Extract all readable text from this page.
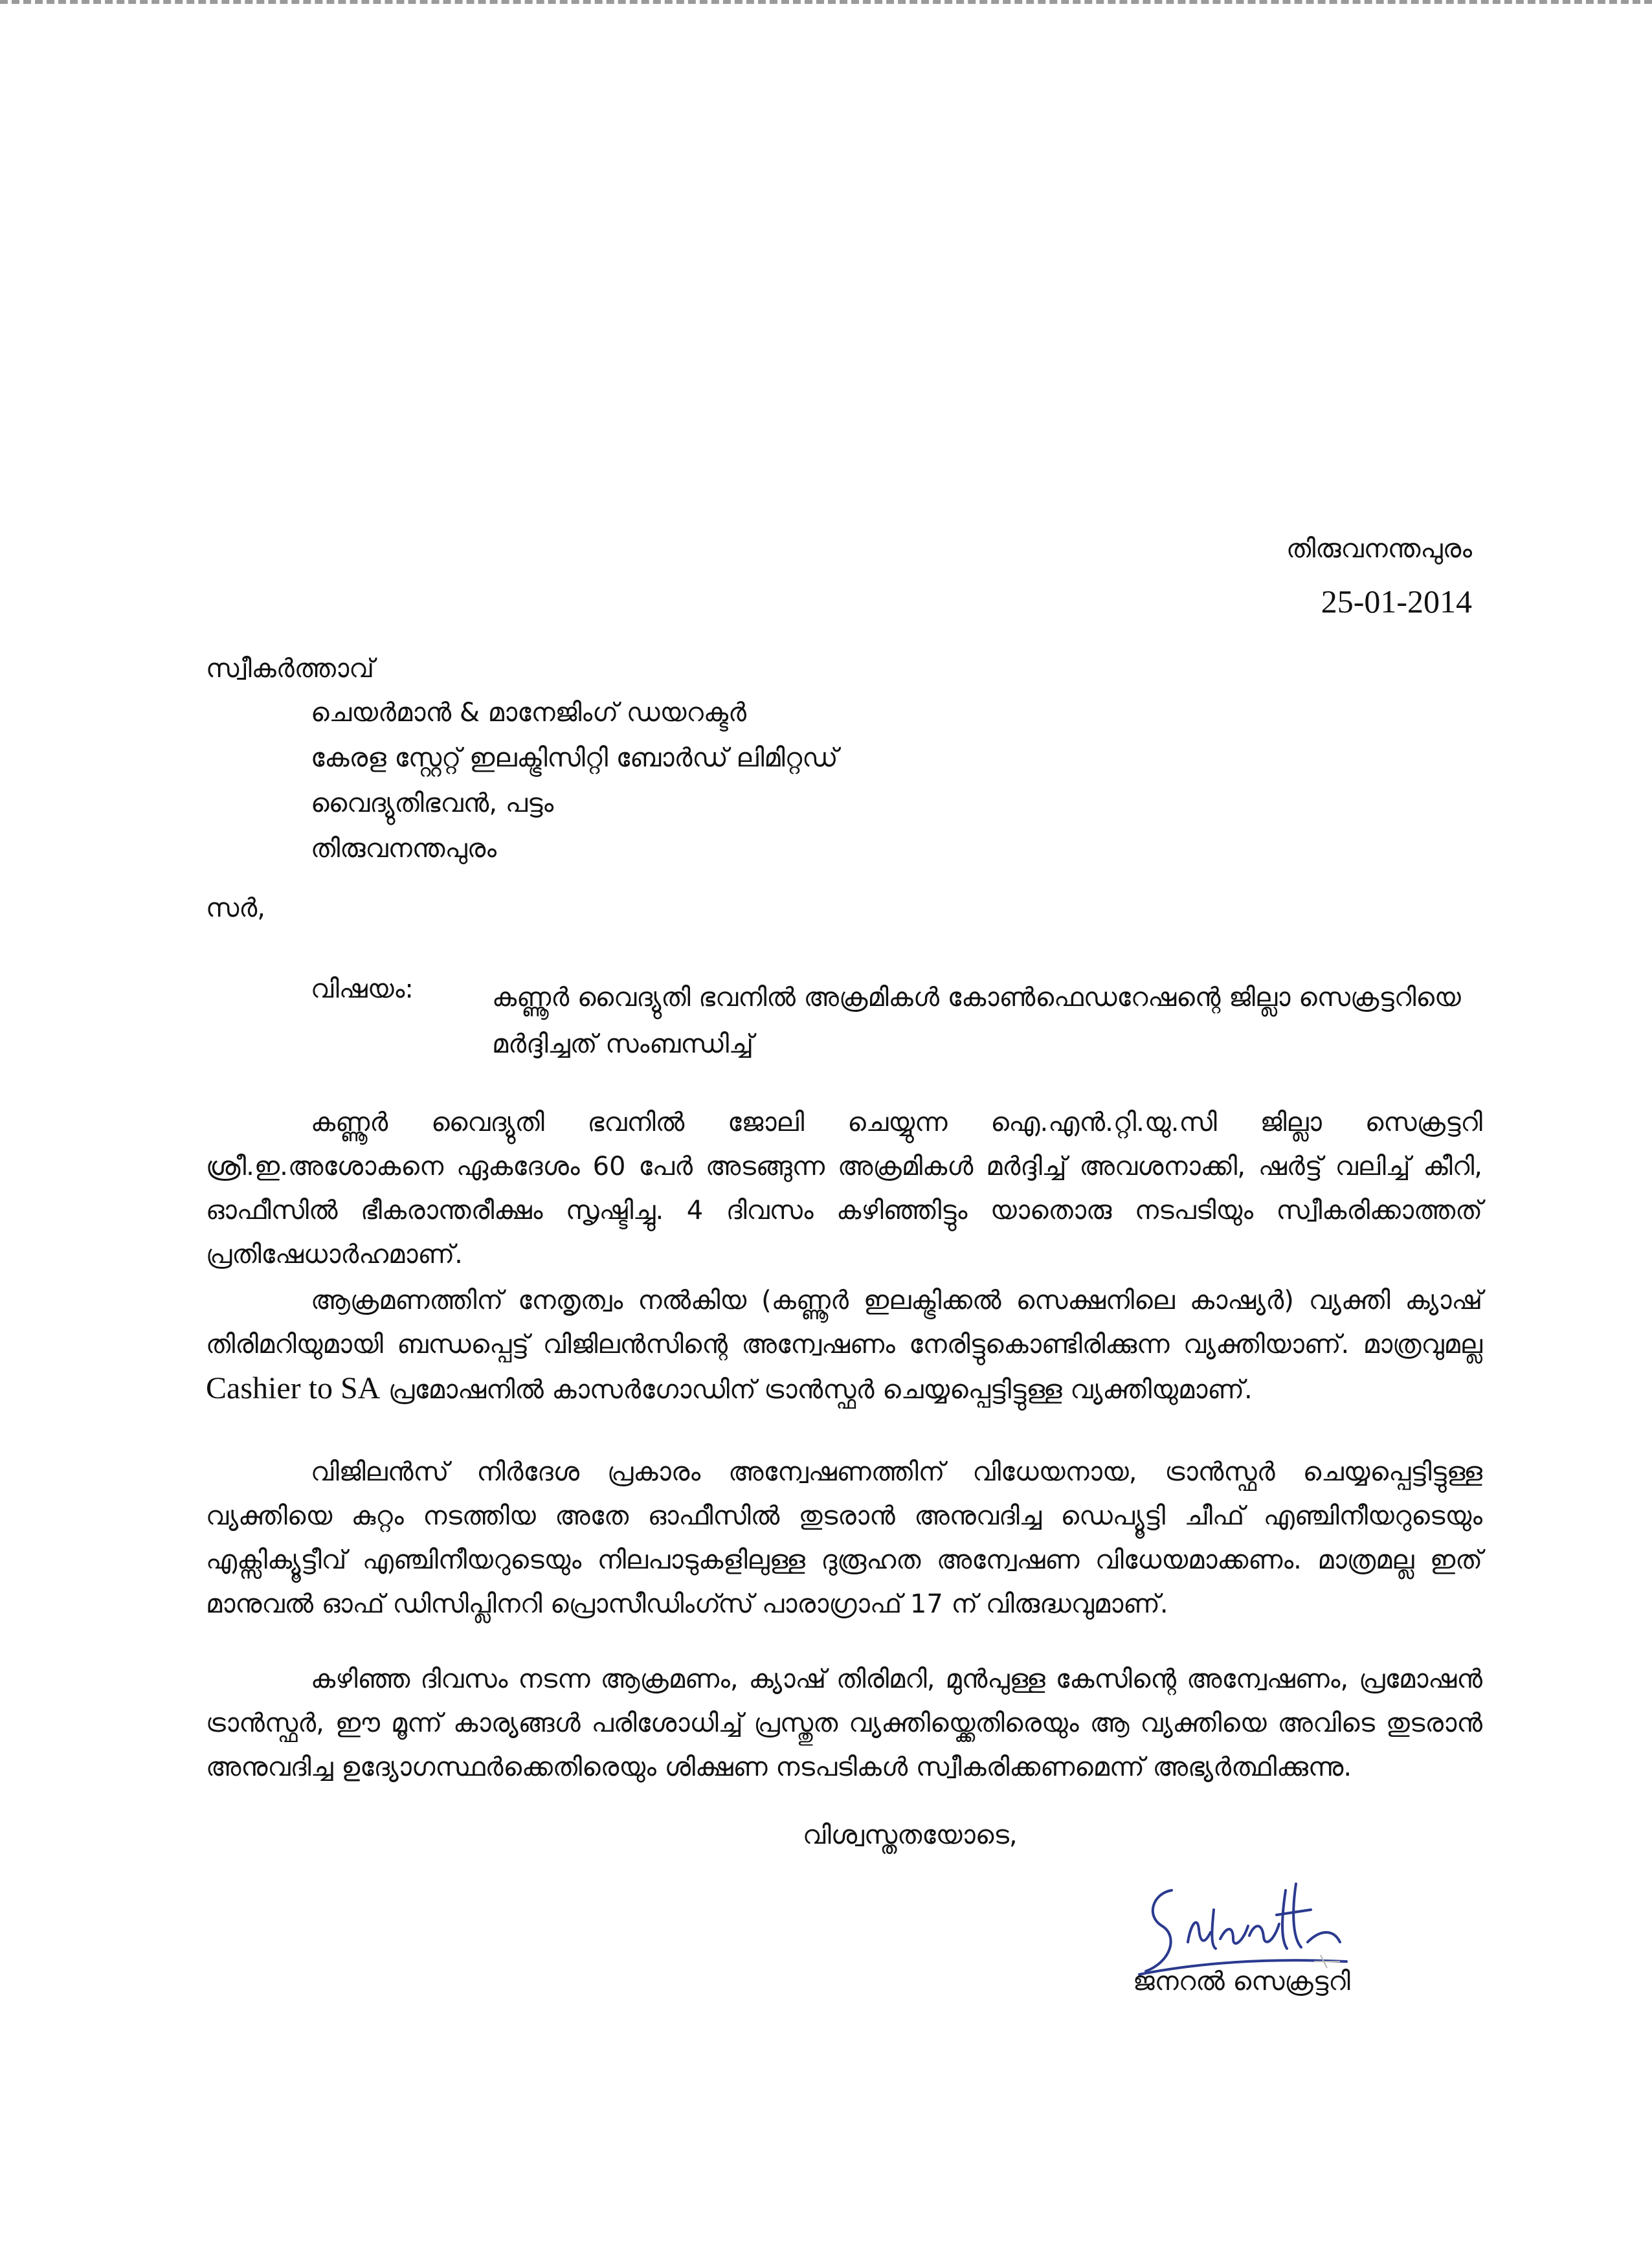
തിരുവനന്തപുരം
25-01-2014
സ്വീകർത്താവ്
ചെയർമാൻ & മാനേജിംഗ് ഡയറക്ടർ
കേരള സ്റ്റേറ്റ് ഇലക്ട്രിസിറ്റി ബോർഡ് ലിമിറ്റഡ്
വൈദ്യുതിഭവൻ, പട്ടം
തിരുവനന്തപുരം
സർ,
വിഷയം:	കണ്ണൂർ വൈദ്യുതി ഭവനിൽ അക്രമികൾ കോൺഫെഡറേഷന്റെ ജില്ലാ സെക്രട്ടറിയെ മർദ്ദിച്ചത് സംബന്ധിച്ച്

കണ്ണൂർ വൈദ്യുതി ഭവനിൽ ജോലി ചെയ്യുന്ന ഐ.എൻ.റ്റി.യു.സി ജില്ലാ സെക്രട്ടറി ശ്രീ.ഇ.അശോകനെ ഏകദേശം 60 പേർ അടങ്ങുന്ന അക്രമികൾ മർദ്ദിച്ച് അവശനാക്കി, ഷർട്ട് വലിച്ച് കീറി, ഓഫീസിൽ ഭീകരാന്തരീക്ഷം സൃഷ്ടിച്ചു. 4 ദിവസം കഴിഞ്ഞിട്ടും യാതൊരു നടപടിയും സ്വീകരിക്കാത്തത് പ്രതിഷേധാർഹമാണ്.

ആക്രമണത്തിന് നേതൃത്വം നൽകിയ (കണ്ണൂർ ഇലക്ട്രിക്കൽ സെക്ഷനിലെ കാഷ്യർ) വ്യക്തി ക്യാഷ് തിരിമറിയുമായി ബന്ധപ്പെട്ട് വിജിലൻസിന്റെ അന്വേഷണം നേരിട്ടുകൊണ്ടിരിക്കുന്ന വ്യക്തിയാണ്. മാത്രവുമല്ല Cashier to SA പ്രമോഷനിൽ കാസർഗോഡിന് ട്രാൻസ്ഫർ ചെയ്യപ്പെട്ടിട്ടുള്ള വ്യക്തിയുമാണ്.

വിജിലൻസ് നിർദേശ പ്രകാരം അന്വേഷണത്തിന് വിധേയനായ, ട്രാൻസ്ഫർ ചെയ്യപ്പെട്ടിട്ടുള്ള വ്യക്തിയെ കുറ്റം നടത്തിയ അതേ ഓഫീസിൽ തുടരാൻ അനുവദിച്ച ഡെപ്യൂട്ടി ചീഫ് എഞ്ചിനീയറുടെയും എക്സിക്യൂട്ടീവ് എഞ്ചിനീയറുടെയും നിലപാടുകളിലുള്ള ദുരൂഹത അന്വേഷണ വിധേയമാക്കണം. മാത്രമല്ല ഇത് മാനുവൽ ഓഫ് ഡിസിപ്ലിനറി പ്രൊസീഡിംഗ്സ് പാരാഗ്രാഫ് 17 ന് വിരുദ്ധവുമാണ്.

കഴിഞ്ഞ ദിവസം നടന്ന ആക്രമണം, ക്യാഷ് തിരിമറി, മുൻപുള്ള കേസിന്റെ അന്വേഷണം, പ്രമോഷൻ ട്രാൻസ്ഫർ, ഈ മൂന്ന് കാര്യങ്ങൾ പരിശോധിച്ച് പ്രസ്തുത വ്യക്തിയ്ക്കെതിരെയും ആ വ്യക്തിയെ അവിടെ തുടരാൻ അനുവദിച്ച ഉദ്യോഗസ്ഥർക്കെതിരെയും ശിക്ഷണ നടപടികൾ സ്വീകരിക്കണമെന്ന് അഭ്യർത്ഥിക്കുന്നു.

വിശ്വസ്തതയോടെ,
ജനറൽ സെക്രട്ടറി
